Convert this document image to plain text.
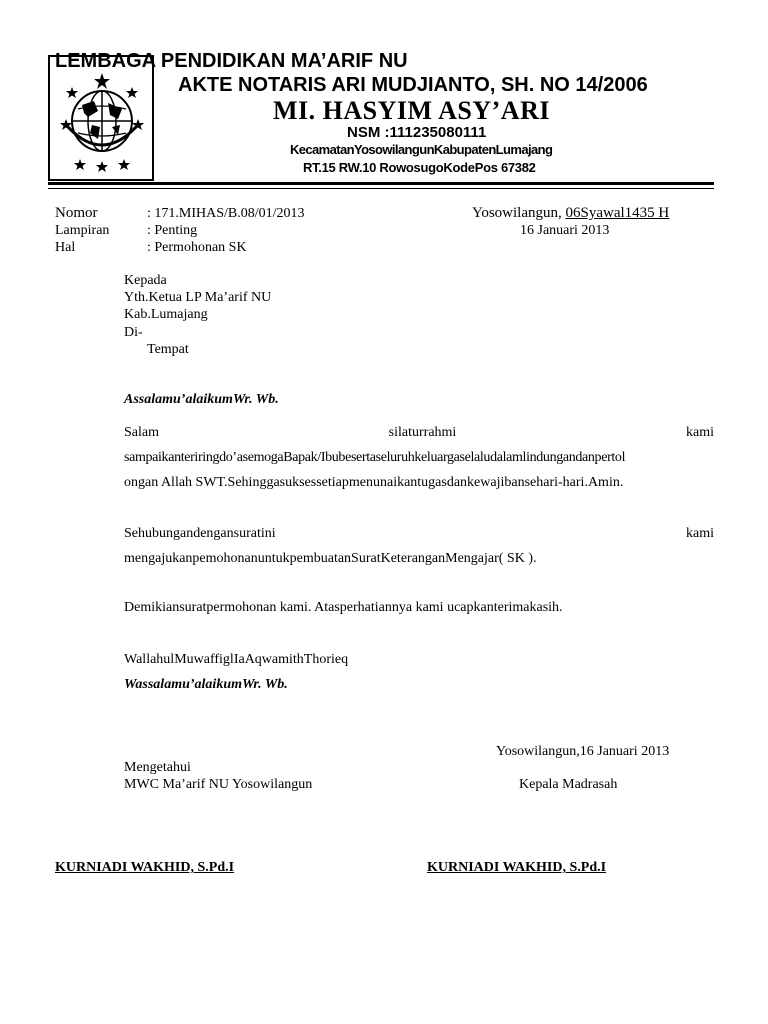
LEMBAGA PENDIDIKAN MA’ARIF NU
AKTE NOTARIS ARI MUDJIANTO, SH. NO 14/2006
MI. HASYIM ASY’ARI
NSM :111235080111
KecamatanYosowilangunKabupatenLumajang
RT.15 RW.10 RowosugoKodePos 67382
Nomor	: 171.MIHAS/B.08/01/2013
Lampiran	: Penting
Hal	: Permohonan SK
Yosowilangun, 06Syawal1435 H
16 Januari 2013
Kepada
Yth.Ketua LP Ma’arif NU
Kab.Lumajang
Di-
Tempat
Assalamu’alaikumWr. Wb.
Salam	silaturrahmi	kami
sampaikanteriringdo’asemogaBapak/Ibubesertaseluruhkeluargaselaludalamlindungandanpertol
ongan Allah SWT.Sehinggasuksessetiapmenunaikantugasdankewajibansehari-hari.Amin.
Sehubungandengansuratini	kami
mengajukanpemohonanuntukpembuatanSuratKeteranganMengajar( SK ).
Demikiansuratpermohonan kami. Atasperhatiannya kami ucapkanterimakasih.
WallahulMuwaffiglIaAqwamithThorieq
Wassalamu’alaikumWr. Wb.
Yosowilangun,16 Januari 2013
Mengetahui
MWC Ma’arif NU Yosowilangun	Kepala Madrasah
KURNIADI WAKHID, S.Pd.I	KURNIADI WAKHID, S.Pd.I
